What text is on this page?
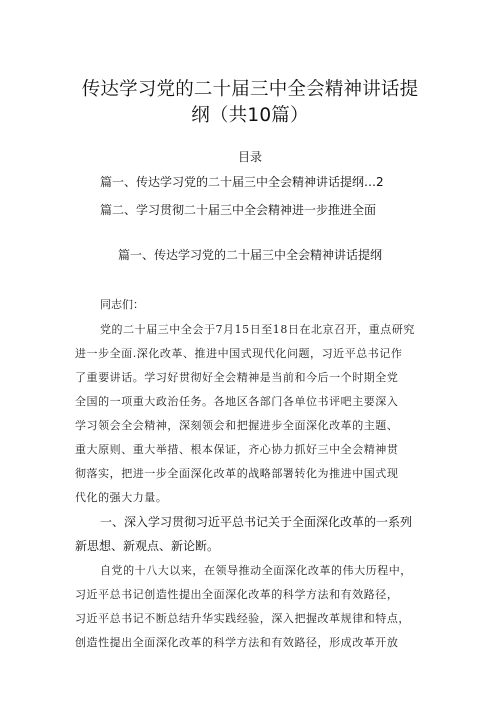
传达学习党的二十届三中全会精神讲话提
纲（共10篇）
目录
篇一、传达学习党的二十届三中全会精神讲话提纲…2
篇二、学习贯彻二十届三中全会精神进一步推进全面
篇一、传达学习党的二十届三中全会精神讲话提纲
同志们：
党的二十届三中全会于7月15日至18日在北京召开，重点研究
进一步全面.深化改革、推进中国式现代化问题，习近平总书记作
了重要讲话。学习好贯彻好全会精神是当前和今后一个时期全党
全国的一项重大政治任务。各地区各部门各单位书评吧主要深入
学习领会全会精神，深刻领会和把握进步全面深化改革的主题、
重大原则、重大举措、根本保证，齐心协力抓好三中全会精神贯
彻落实，把进一步全面深化改革的战略部署转化为推进中国式现
代化的强大力量。
一、深入学习贯彻习近平总书记关于全面深化改革的一系列
新思想、新观点、新论断。
自党的十八大以来，在领导推动全面深化改革的伟大历程中，
习近平总书记创造性提出全面深化改革的科学方法和有效路径，
习近平总书记不断总结升华实践经验，深入把握改革规律和特点，
创造性提出全面深化改革的科学方法和有效路径，形成改革开放
